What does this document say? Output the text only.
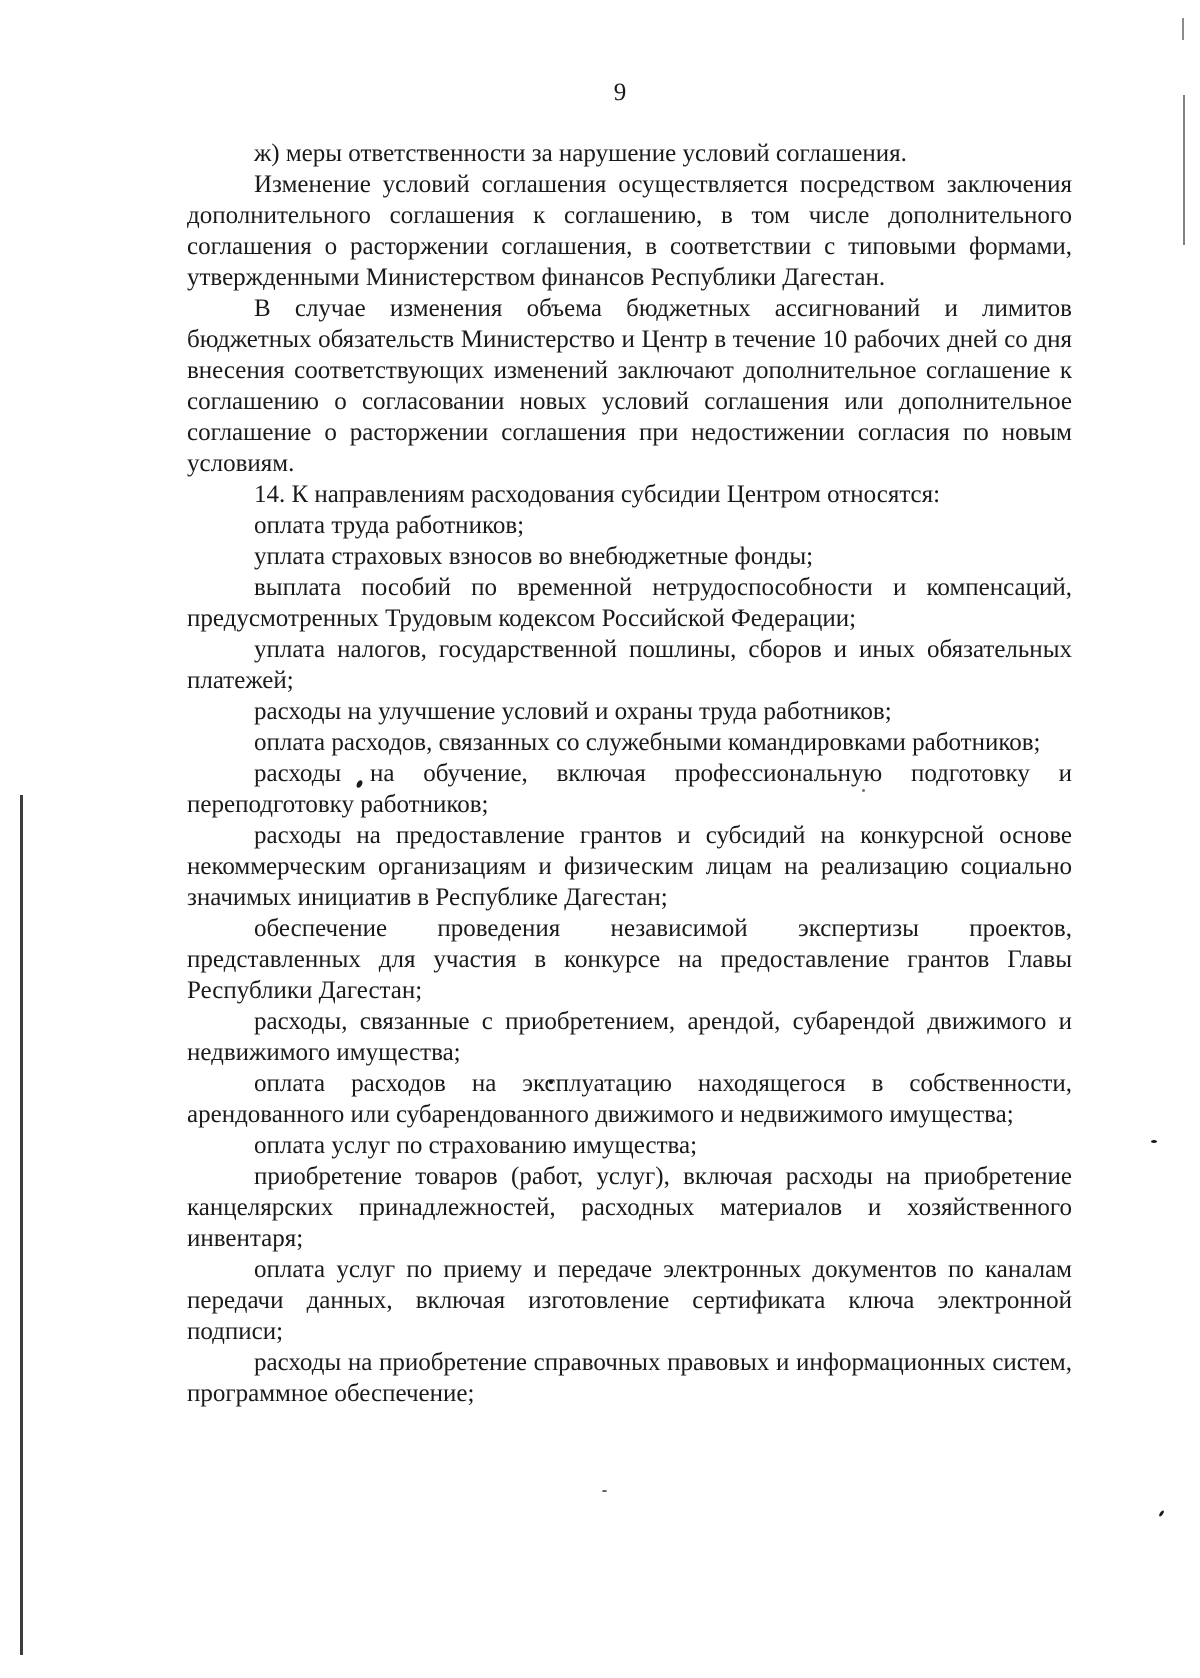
9

ж) меры ответственности за нарушение условий соглашения.

Изменение условий соглашения осуществляется посредством заключения дополнительного соглашения к соглашению, в том числе дополнительного соглашения о расторжении соглашения, в соответствии с типовыми формами, утвержденными Министерством финансов Республики Дагестан.

В случае изменения объема бюджетных ассигнований и лимитов бюджетных обязательств Министерство и Центр в течение 10 рабочих дней со дня внесения соответствующих изменений заключают дополнительное соглашение к соглашению о согласовании новых условий соглашения или дополнительное соглашение о расторжении соглашения при недостижении согласия по новым условиям.

14. К направлениям расходования субсидии Центром относятся:

оплата труда работников;

уплата страховых взносов во внебюджетные фонды;

выплата пособий по временной нетрудоспособности и компенсаций, предусмотренных Трудовым кодексом Российской Федерации;

уплата налогов, государственной пошлины, сборов и иных обязательных платежей;

расходы на улучшение условий и охраны труда работников;

оплата расходов, связанных со служебными командировками работников;

расходы на обучение, включая профессиональную подготовку и переподготовку работников;

расходы на предоставление грантов и субсидий на конкурсной основе некоммерческим организациям и физическим лицам на реализацию социально значимых инициатив в Республике Дагестан;

обеспечение проведения независимой экспертизы проектов, представленных для участия в конкурсе на предоставление грантов Главы Республики Дагестан;

расходы, связанные с приобретением, арендой, субарендой движимого и недвижимого имущества;

оплата расходов на эксплуатацию находящегося в собственности, арендованного или субарендованного движимого и недвижимого имущества;

оплата услуг по страхованию имущества;

приобретение товаров (работ, услуг), включая расходы на приобретение канцелярских принадлежностей, расходных материалов и хозяйственного инвентаря;

оплата услуг по приему и передаче электронных документов по каналам передачи данных, включая изготовление сертификата ключа электронной подписи;

расходы на приобретение справочных правовых и информационных систем, программное обеспечение;
